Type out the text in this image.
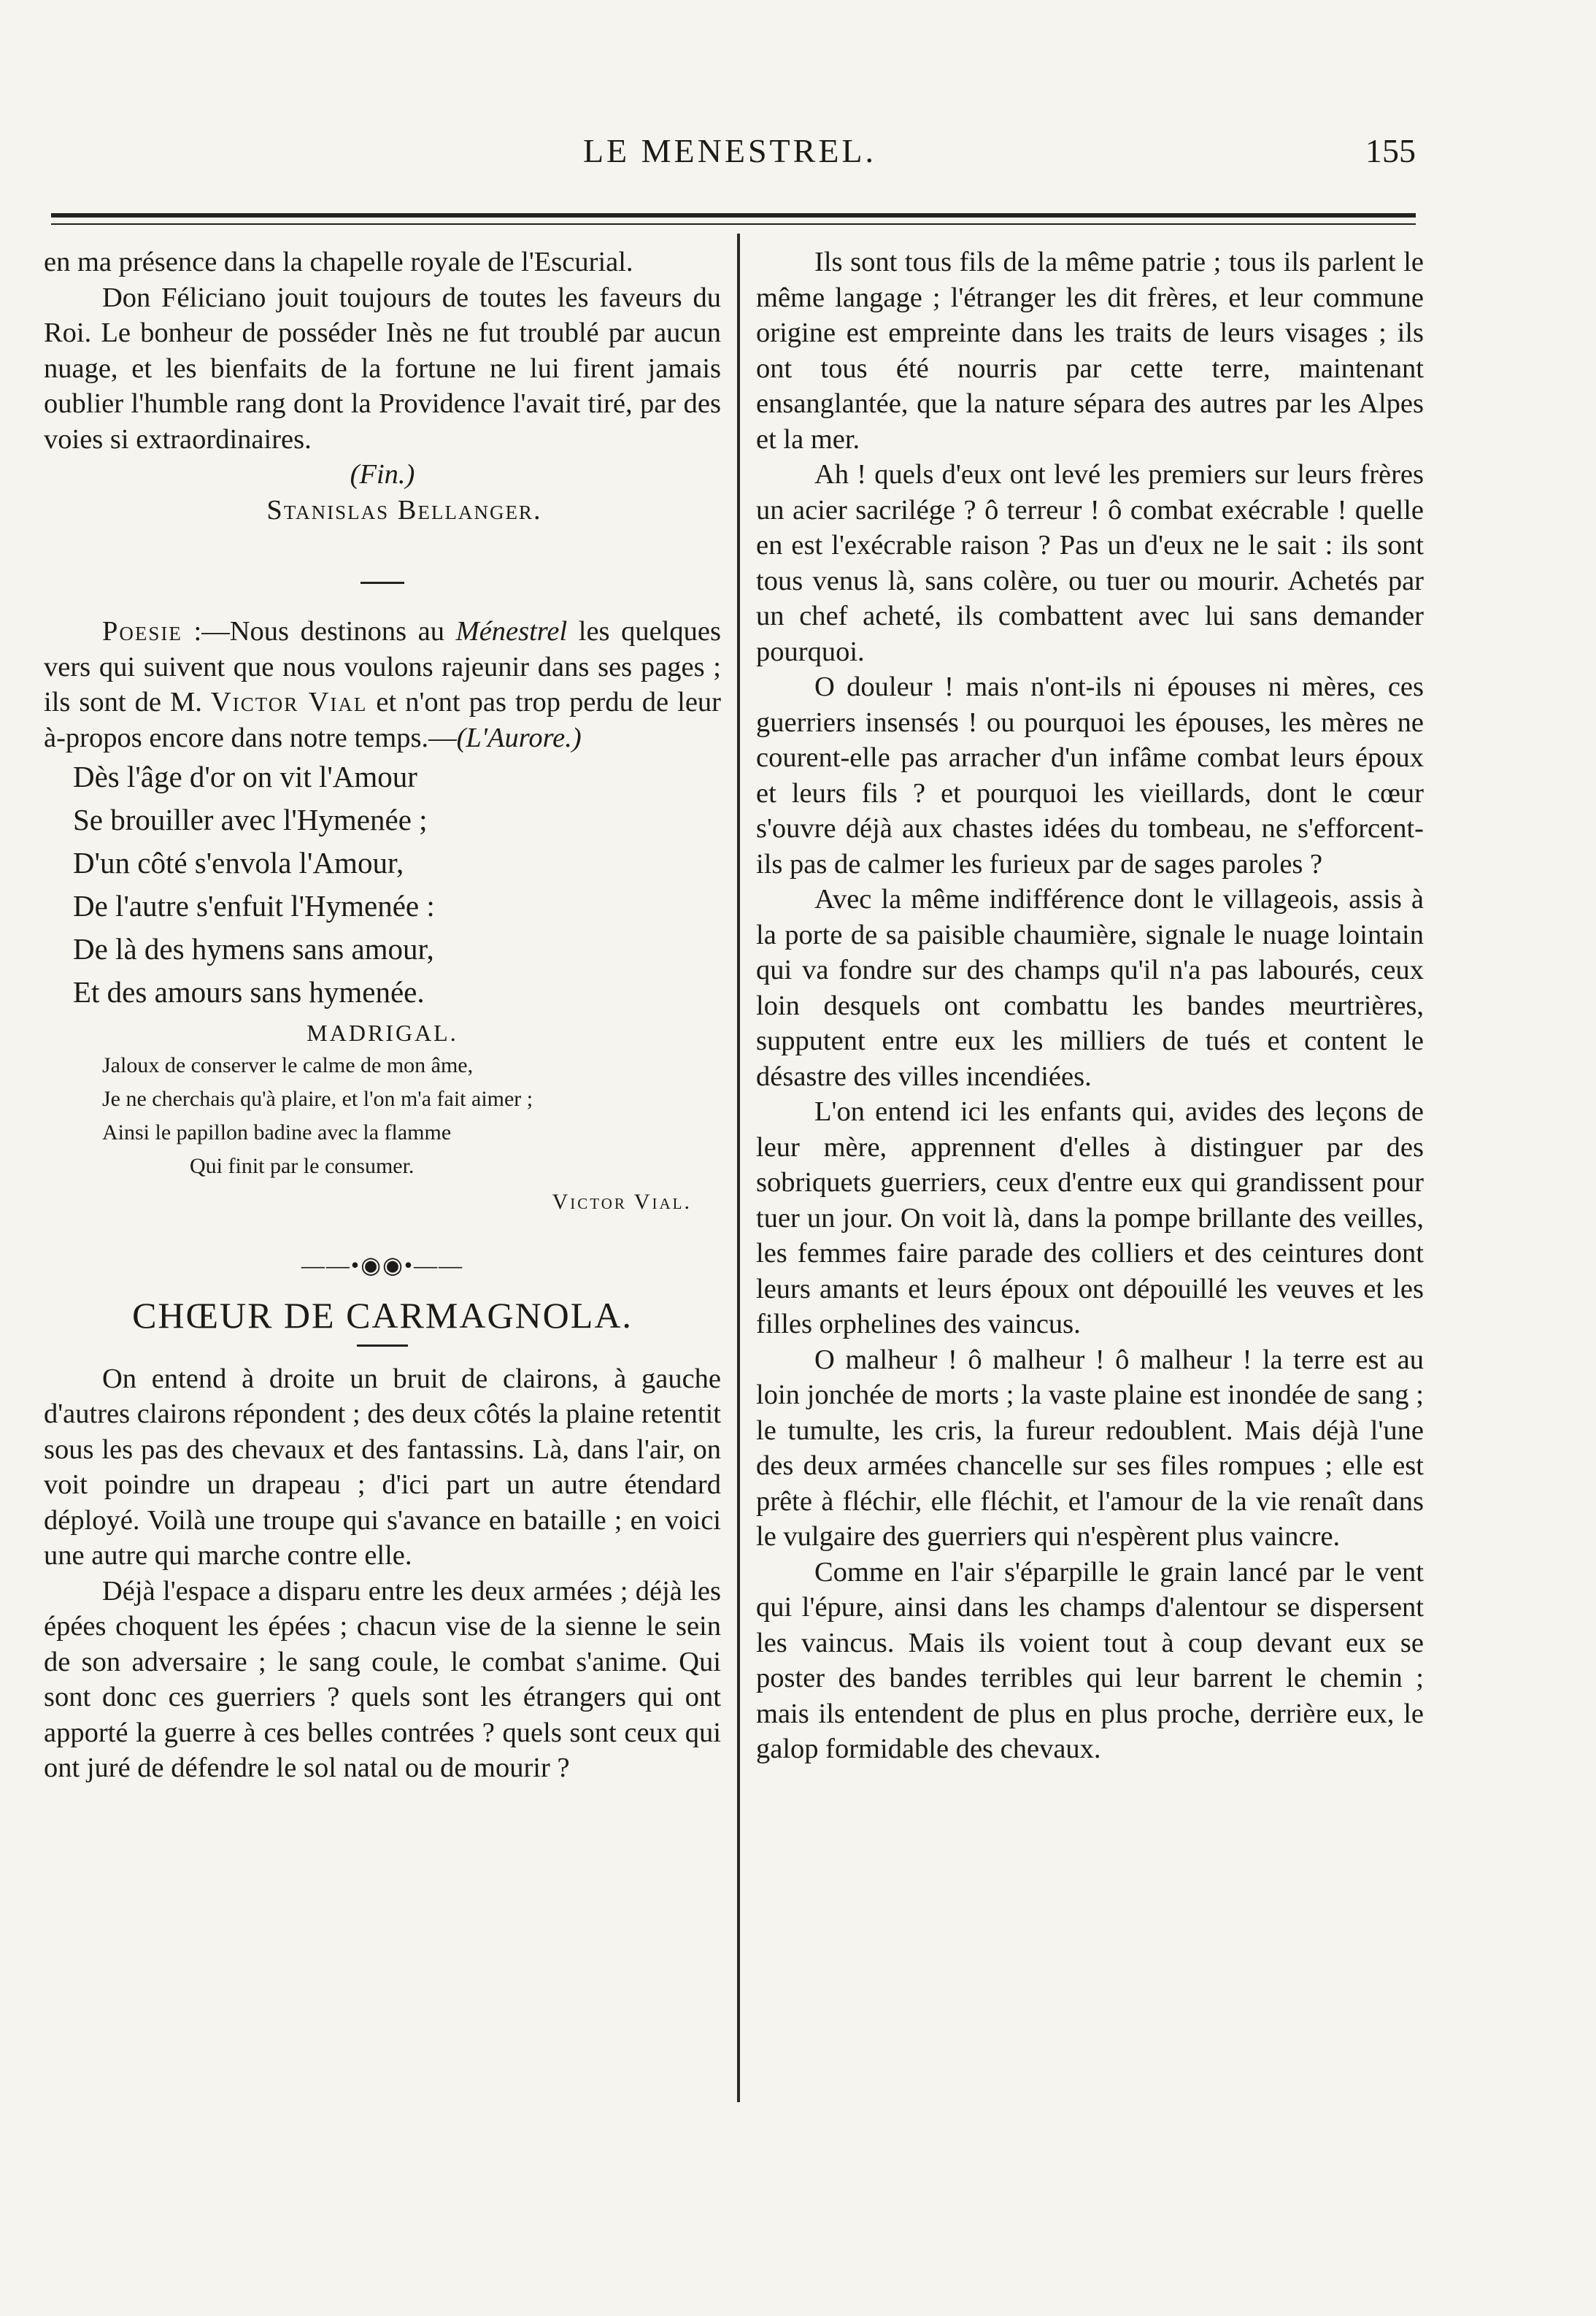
LE MENESTREL.	155

en ma présence dans la chapelle royale de l'Escurial.

Don Féliciano jouit toujours de toutes les faveurs du Roi. Le bonheur de posséder Inès ne fut troublé par aucun nuage, et les bienfaits de la fortune ne lui firent jamais oublier l'humble rang dont la Providence l'avait tiré, par des voies si extraordinaires.

(Fin.)

Stanislas Bellanger.

Poesie :—Nous destinons au Ménestrel les quelques vers qui suivent que nous voulons rajeunir dans ses pages ; ils sont de M. Victor Vial et n'ont pas trop perdu de leur à-propos encore dans notre temps.—(L'Aurore.)

Dès l'âge d'or on vit l'Amour

Se brouiller avec l'Hymenée ;

D'un côté s'envola l'Amour,

De l'autre s'enfuit l'Hymenée :

De là des hymens sans amour,

Et des amours sans hymenée.

MADRIGAL.

Jaloux de conserver le calme de mon âme,

Je ne cherchais qu'à plaire, et l'on m'a fait aimer ;

Ainsi le papillon badine avec la flamme

Qui finit par le consumer.

Victor Vial.

——•◉◉•——

CHŒUR DE CARMAGNOLA.

On entend à droite un bruit de clairons, à gauche d'autres clairons répondent ; des deux côtés la plaine retentit sous les pas des chevaux et des fantassins. Là, dans l'air, on voit poindre un drapeau ; d'ici part un autre étendard déployé. Voilà une troupe qui s'avance en bataille ; en voici une autre qui marche contre elle.

Déjà l'espace a disparu entre les deux armées ; déjà les épées choquent les épées ; chacun vise de la sienne le sein de son adversaire ; le sang coule, le combat s'anime. Qui sont donc ces guerriers ? quels sont les étrangers qui ont apporté la guerre à ces belles contrées ? quels sont ceux qui ont juré de défendre le sol natal ou de mourir ?

Ils sont tous fils de la même patrie ; tous ils parlent le même langage ; l'étranger les dit frères, et leur commune origine est empreinte dans les traits de leurs visages ; ils ont tous été nourris par cette terre, maintenant ensanglantée, que la nature sépara des autres par les Alpes et la mer.

Ah ! quels d'eux ont levé les premiers sur leurs frères un acier sacrilége ? ô terreur ! ô combat exécrable ! quelle en est l'exécrable raison ? Pas un d'eux ne le sait : ils sont tous venus là, sans colère, ou tuer ou mourir. Achetés par un chef acheté, ils combattent avec lui sans demander pourquoi.

O douleur ! mais n'ont-ils ni épouses ni mères, ces guerriers insensés ! ou pourquoi les épouses, les mères ne courent-elle pas arracher d'un infâme combat leurs époux et leurs fils ? et pourquoi les vieillards, dont le cœur s'ouvre déjà aux chastes idées du tombeau, ne s'efforcent-ils pas de calmer les furieux par de sages paroles ?

Avec la même indifférence dont le villageois, assis à la porte de sa paisible chaumière, signale le nuage lointain qui va fondre sur des champs qu'il n'a pas labourés, ceux loin desquels ont combattu les bandes meurtrières, supputent entre eux les milliers de tués et content le désastre des villes incendiées.

L'on entend ici les enfants qui, avides des leçons de leur mère, apprennent d'elles à distinguer par des sobriquets guerriers, ceux d'entre eux qui grandissent pour tuer un jour. On voit là, dans la pompe brillante des veilles, les femmes faire parade des colliers et des ceintures dont leurs amants et leurs époux ont dépouillé les veuves et les filles orphelines des vaincus.

O malheur ! ô malheur ! ô malheur ! la terre est au loin jonchée de morts ; la vaste plaine est inondée de sang ; le tumulte, les cris, la fureur redoublent. Mais déjà l'une des deux armées chancelle sur ses files rompues ; elle est prête à fléchir, elle fléchit, et l'amour de la vie renaît dans le vulgaire des guerriers qui n'espèrent plus vaincre.

Comme en l'air s'éparpille le grain lancé par le vent qui l'épure, ainsi dans les champs d'alentour se dispersent les vaincus. Mais ils voient tout à coup devant eux se poster des bandes terribles qui leur barrent le chemin ; mais ils entendent de plus en plus proche, derrière eux, le galop formidable des chevaux.
